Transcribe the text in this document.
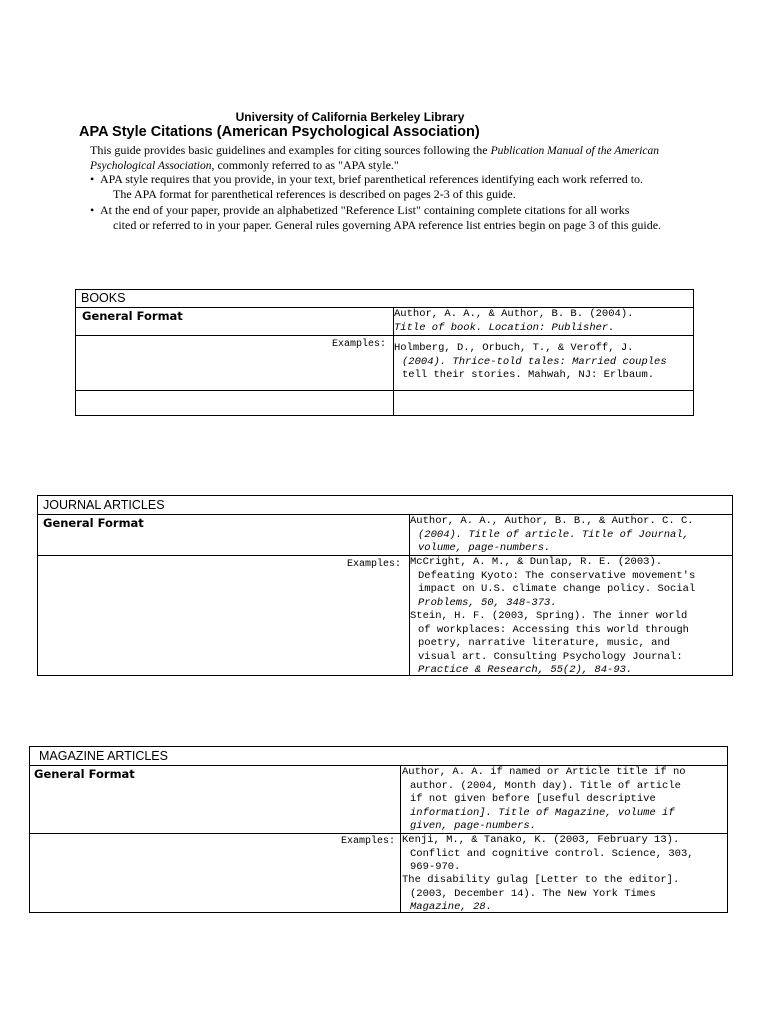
University of California Berkeley Library
APA Style Citations (American Psychological Association)
This guide provides basic guidelines and examples for citing sources following the Publication Manual of the American Psychological Association, commonly referred to as "APA style."
• APA style requires that you provide, in your text, brief parenthetical references identifying each work referred to.
The APA format for parenthetical references is described on pages 2-3 of this guide.
• At the end of your paper, provide an alphabetized "Reference List" containing complete citations for all works
cited or referred to in your paper. General rules governing APA reference list entries begin on page 3 of this guide.
BOOKS
General Format	Author, A. A., & Author, B. B. (2004).
Title of book. Location: Publisher.
Examples: Holmberg, D., Orbuch, T., & Veroff, J.
(2004). Thrice-told tales: Married couples
tell their stories. Mahwah, NJ: Erlbaum.
JOURNAL ARTICLES
General Format	Author, A. A., Author, B. B., & Author. C. C.
(2004). Title of article. Title of Journal,
volume, page-numbers.
Examples: McCright, A. M., & Dunlap, R. E. (2003).
Defeating Kyoto: The conservative movement's
impact on U.S. climate change policy. Social
Problems, 50, 348-373.
Stein, H. F. (2003, Spring). The inner world
of workplaces: Accessing this world through
poetry, narrative literature, music, and
visual art. Consulting Psychology Journal:
Practice & Research, 55(2), 84-93.
MAGAZINE ARTICLES
General Format	Author, A. A. if named or Article title if no
author. (2004, Month day). Title of article
if not given before [useful descriptive
information]. Title of Magazine, volume if
given, page-numbers.
Examples: Kenji, M., & Tanako, K. (2003, February 13).
Conflict and cognitive control. Science, 303,
969-970.
The disability gulag [Letter to the editor].
(2003, December 14). The New York Times
Magazine, 28.
